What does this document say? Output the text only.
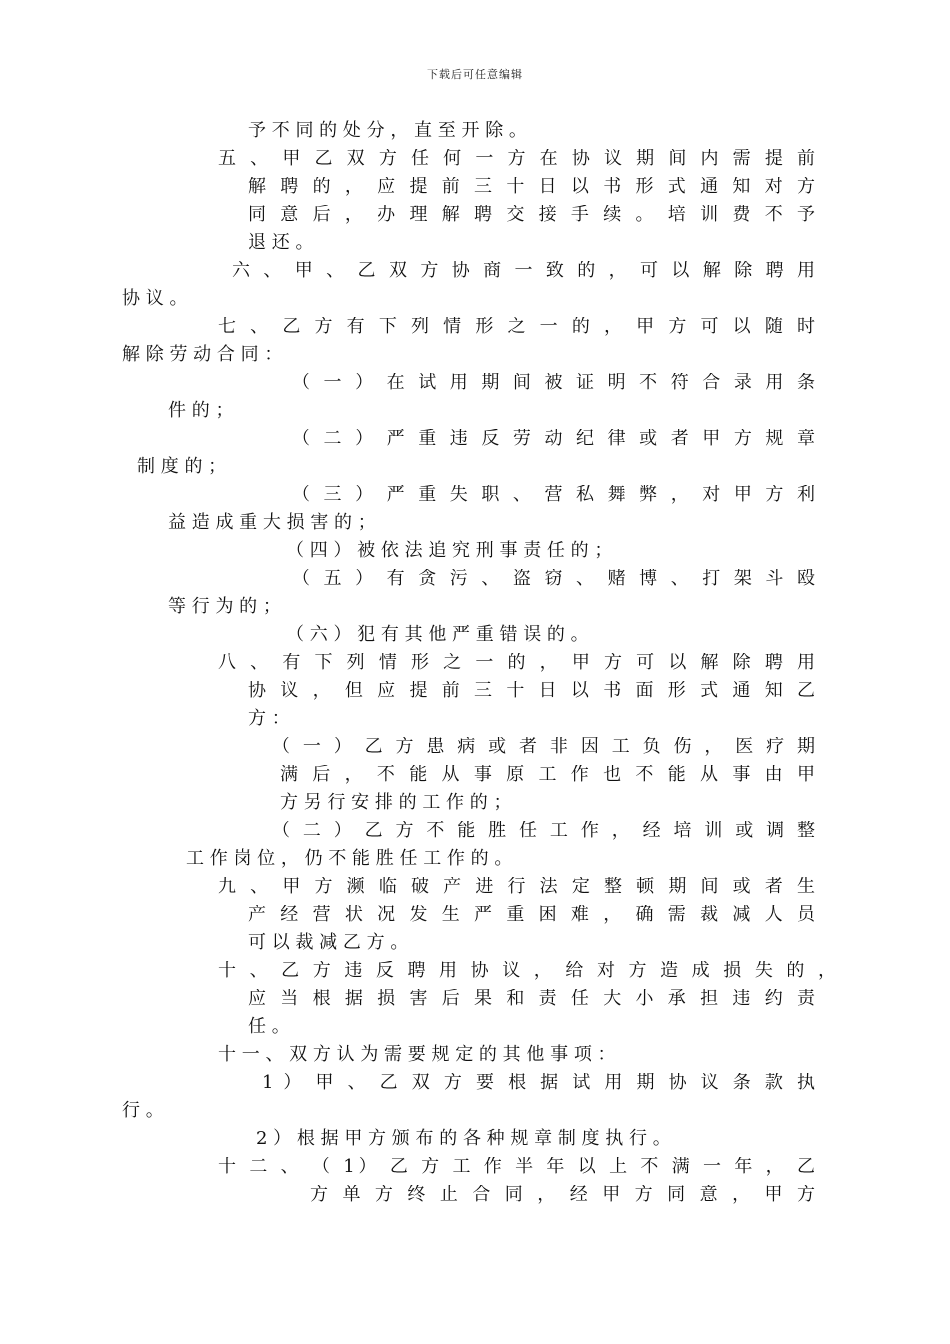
下载后可任意编辑
予 不 同 的 处 分 ， 直 至 开 除 。
五 、 甲 乙 双 方 任 何 一 方 在 协 议 期 间 内 需 提 前
解 聘 的 ， 应 提 前 三 十 日 以 书 形 式 通 知 对 方
同 意 后 ， 办 理 解 聘 交 接 手 续 。 培 训 费 不 予
退 还 。
六 、 甲 、 乙 双 方 协 商 一 致 的 ， 可 以 解 除 聘 用
协 议 。
七 、 乙 方 有 下 列 情 形 之 一 的 ， 甲 方 可 以 随 时
解 除 劳 动 合 同 ：
（ 一 ） 在 试 用 期 间 被 证 明 不 符 合 录 用 条
件 的 ；
（ 二 ） 严 重 违 反 劳 动 纪 律 或 者 甲 方 规 章
制 度 的 ；
（ 三 ） 严 重 失 职 、 营 私 舞 弊 ， 对 甲 方 利
益 造 成 重 大 损 害 的 ；
（ 四 ） 被 依 法 追 究 刑 事 责 任 的 ；
（ 五 ） 有 贪 污 、 盗 窃 、 赌 博 、 打 架 斗 殴
等 行 为 的 ；
（ 六 ） 犯 有 其 他 严 重 错 误 的 。
八 、 有 下 列 情 形 之 一 的 ， 甲 方 可 以 解 除 聘 用
协 议 ， 但 应 提 前 三 十 日 以 书 面 形 式 通 知 乙
方 ：
（ 一 ） 乙 方 患 病 或 者 非 因 工 负 伤 ， 医 疗 期
满 后 ， 不 能 从 事 原 工 作 也 不 能 从 事 由 甲
方 另 行 安 排 的 工 作 的 ；
（ 二 ） 乙 方 不 能 胜 任 工 作 ， 经 培 训 或 调 整
工 作 岗 位 ， 仍 不 能 胜 任 工 作 的 。
九 、 甲 方 濒 临 破 产 进 行 法 定 整 顿 期 间 或 者 生
产 经 营 状 况 发 生 严 重 困 难 ， 确 需 裁 减 人 员
可 以 裁 减 乙 方 。
十 、 乙 方 违 反 聘 用 协 议 ， 给 对 方 造 成 损 失 的 ，
应 当 根 据 损 害 后 果 和 责 任 大 小 承 担 违 约 责
任 。
十 一 、 双 方 认 为 需 要 规 定 的 其 他 事 项 ：
1 ） 甲 、 乙 双 方 要 根 据 试 用 期 协 议 条 款 执
行 。
2 ） 根 据 甲 方 颁 布 的 各 种 规 章 制 度 执 行 。
十 二 、 （ 1） 乙 方 工 作 半 年 以 上 不 满 一 年 ， 乙
方 单 方 终 止 合 同 ， 经 甲 方 同 意 ， 甲 方
